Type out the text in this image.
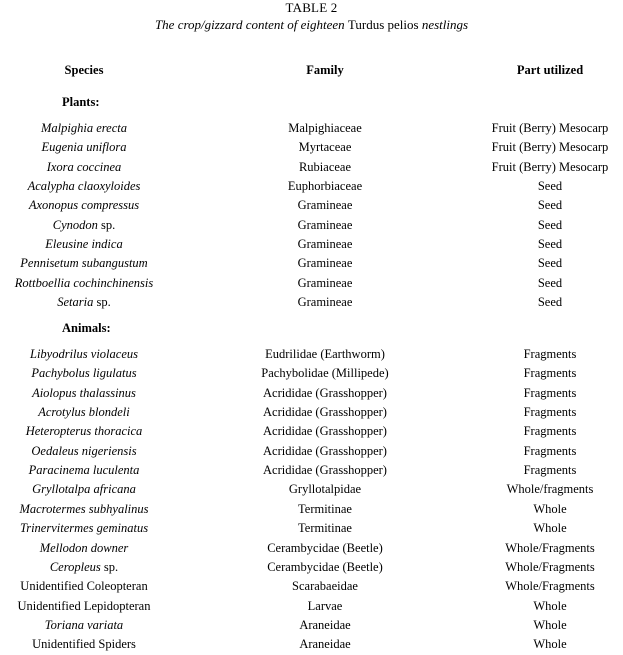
TABLE 2
The crop/gizzard content of eighteen Turdus pelios nestlings
Species	Family	Part utilized
Plants:
Malpighia erecta	Malpighiaceae	Fruit (Berry) Mesocarp
Eugenia uniflora	Myrtaceae	Fruit (Berry) Mesocarp
Ixora coccinea	Rubiaceae	Fruit (Berry) Mesocarp
Acalypha claoxyloides	Euphorbiaceae	Seed
Axonopus compressus	Gramineae	Seed
Cynodon sp.	Gramineae	Seed
Eleusine indica	Gramineae	Seed
Pennisetum subangustum	Gramineae	Seed
Rottboellia cochinchinensis	Gramineae	Seed
Setaria sp.	Gramineae	Seed
Animals:
Libyodrilus violaceus	Eudrilidae (Earthworm)	Fragments
Pachybolus ligulatus	Pachybolidae (Millipede)	Fragments
Aiolopus thalassinus	Acrididae (Grasshopper)	Fragments
Acrotylus blondeli	Acrididae (Grasshopper)	Fragments
Heteropterus thoracica	Acrididae (Grasshopper)	Fragments
Oedaleus nigeriensis	Acrididae (Grasshopper)	Fragments
Paracinema luculenta	Acrididae (Grasshopper)	Fragments
Gryllotalpa africana	Gryllotalpidae	Whole/fragments
Macrotermes subhyalinus	Termitinae	Whole
Trinervitermes geminatus	Termitinae	Whole
Mellodon downer	Cerambycidae (Beetle)	Whole/Fragments
Ceropleus sp.	Cerambycidae (Beetle)	Whole/Fragments
Unidentified Coleopteran	Scarabaeidae	Whole/Fragments
Unidentified Lepidopteran	Larvae	Whole
Toriana variata	Araneidae	Whole
Unidentified Spiders	Araneidae	Whole
